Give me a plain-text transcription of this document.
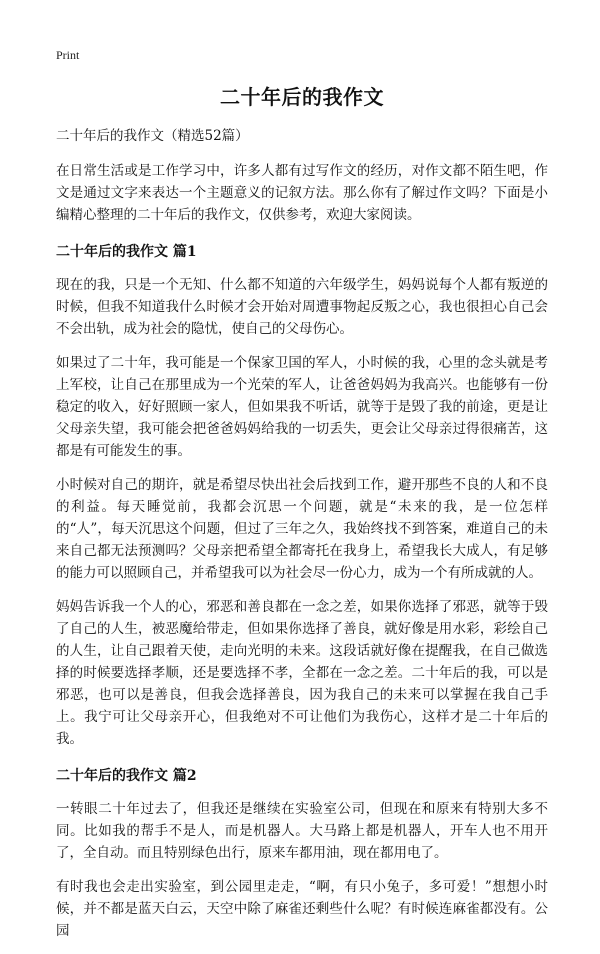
Print
二十年后的我作文
二十年后的我作文（精选52篇）

在日常生活或是工作学习中，许多人都有过写作文的经历，对作文都不陌生吧，作文是通过文字来表达一个主题意义的记叙方法。那么你有了解过作文吗？下面是小编精心整理的二十年后的我作文，仅供参考，欢迎大家阅读。

二十年后的我作文 篇1

现在的我，只是一个无知、什么都不知道的六年级学生，妈妈说每个人都有叛逆的时候，但我不知道我什么时候才会开始对周遭事物起反叛之心，我也很担心自己会不会出轨，成为社会的隐忧，使自己的父母伤心。

如果过了二十年，我可能是一个保家卫国的军人，小时候的我，心里的念头就是考上军校，让自己在那里成为一个光荣的军人，让爸爸妈妈为我高兴。也能够有一份稳定的收入，好好照顾一家人，但如果我不听话，就等于是毁了我的前途，更是让父母亲失望，我可能会把爸爸妈妈给我的一切丢失，更会让父母亲过得很痛苦，这都是有可能发生的事。

小时候对自己的期许，就是希望尽快出社会后找到工作，避开那些不良的人和不良的利益。每天睡觉前，我都会沉思一个问题，就是“未来的我，是一位怎样的“人”，每天沉思这个问题，但过了三年之久，我始终找不到答案，难道自己的未来自己都无法预测吗？父母亲把希望全都寄托在我身上，希望我长大成人，有足够的能力可以照顾自己，并希望我可以为社会尽一份心力，成为一个有所成就的人。

妈妈告诉我一个人的心，邪恶和善良都在一念之差，如果你选择了邪恶，就等于毁了自己的人生，被恶魔给带走，但如果你选择了善良，就好像是用水彩，彩绘自己的人生，让自己跟着天使，走向光明的未来。这段话就好像在提醒我，在自己做选择的时候要选择孝顺，还是要选择不孝，全都在一念之差。二十年后的我，可以是邪恶，也可以是善良，但我会选择善良，因为我自己的未来可以掌握在我自己手上。我宁可让父母亲开心，但我绝对不可让他们为我伤心，这样才是二十年后的我。

二十年后的我作文 篇2

一转眼二十年过去了，但我还是继续在实验室公司，但现在和原来有特别大多不同。比如我的帮手不是人，而是机器人。大马路上都是机器人，开车人也不用开了，全自动。而且特别绿色出行，原来车都用油，现在都用电了。

有时我也会走出实验室，到公园里走走，“啊，有只小兔子，多可爱！”想想小时候，并不都是蓝天白云，天空中除了麻雀还剩些什么呢？有时候连麻雀都没有。公园
